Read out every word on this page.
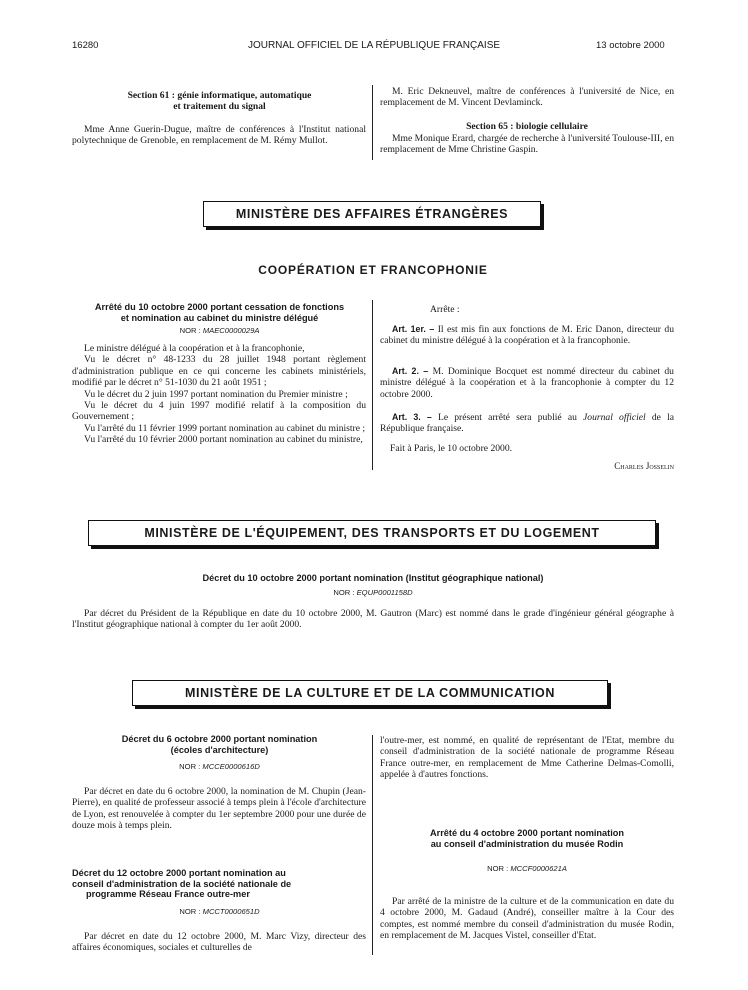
16280	JOURNAL OFFICIEL DE LA RÉPUBLIQUE FRANÇAISE	13 octobre 2000
Section 61 : génie informatique, automatique
et traitement du signal

Mme Anne Guerin-Dugue, maître de conférences à l'Institut national polytechnique de Grenoble, en remplacement de M. Rémy Mullot.

M. Eric Dekneuvel, maître de conférences à l'université de Nice, en remplacement de M. Vincent Devlaminck.

Section 65 : biologie cellulaire

Mme Monique Erard, chargée de recherche à l'université Toulouse-III, en remplacement de Mme Christine Gaspin.

MINISTÈRE DES AFFAIRES ÉTRANGÈRES
COOPÉRATION ET FRANCOPHONIE
Arrêté du 10 octobre 2000 portant cessation de fonctions
et nomination au cabinet du ministre délégué
NOR : MAEC0000029A

Le ministre délégué à la coopération et à la francophonie,

Vu le décret n° 48-1233 du 28 juillet 1948 portant règlement d'administration publique en ce qui concerne les cabinets ministériels, modifié par le décret n° 51-1030 du 21 août 1951 ;

Vu le décret du 2 juin 1997 portant nomination du Premier ministre ;

Vu le décret du 4 juin 1997 modifié relatif à la composition du Gouvernement ;

Vu l'arrêté du 11 février 1999 portant nomination au cabinet du ministre ;

Vu l'arrêté du 10 février 2000 portant nomination au cabinet du ministre,

Arrête :

Art. 1er. – Il est mis fin aux fonctions de M. Eric Danon, directeur du cabinet du ministre délégué à la coopération et à la francophonie.

Art. 2. – M. Dominique Bocquet est nommé directeur du cabinet du ministre délégué à la coopération et à la francophonie à compter du 12 octobre 2000.

Art. 3. – Le présent arrêté sera publié au Journal officiel de la République française.

Fait à Paris, le 10 octobre 2000.
Charles Josselin
MINISTÈRE DE L'ÉQUIPEMENT, DES TRANSPORTS ET DU LOGEMENT
Décret du 10 octobre 2000 portant nomination (Institut géographique national)
NOR : EQUP0001158D

Par décret du Président de la République en date du 10 octobre 2000, M. Gautron (Marc) est nommé dans le grade d'ingénieur général géographe à l'Institut géographique national à compter du 1er août 2000.

MINISTÈRE DE LA CULTURE ET DE LA COMMUNICATION
Décret du 6 octobre 2000 portant nomination
(écoles d'architecture)
NOR : MCCE0000616D

Par décret en date du 6 octobre 2000, la nomination de M. Chupin (Jean-Pierre), en qualité de professeur associé à temps plein à l'école d'architecture de Lyon, est renouvelée à compter du 1er septembre 2000 pour une durée de douze mois à temps plein.

Décret du 12 octobre 2000 portant nomination au
conseil d'administration de la société nationale de
programme Réseau France outre-mer
NOR : MCCT0000651D

Par décret en date du 12 octobre 2000, M. Marc Vizy, directeur des affaires économiques, sociales et culturelles de

l'outre-mer, est nommé, en qualité de représentant de l'Etat, membre du conseil d'administration de la société nationale de programme Réseau France outre-mer, en remplacement de Mme Catherine Delmas-Comolli, appelée à d'autres fonctions.

Arrêté du 4 octobre 2000 portant nomination
au conseil d'administration du musée Rodin
NOR : MCCF0000621A

Par arrêté de la ministre de la culture et de la communication en date du 4 octobre 2000, M. Gadaud (André), conseiller maître à la Cour des comptes, est nommé membre du conseil d'administration du musée Rodin, en remplacement de M. Jacques Vistel, conseiller d'Etat.
